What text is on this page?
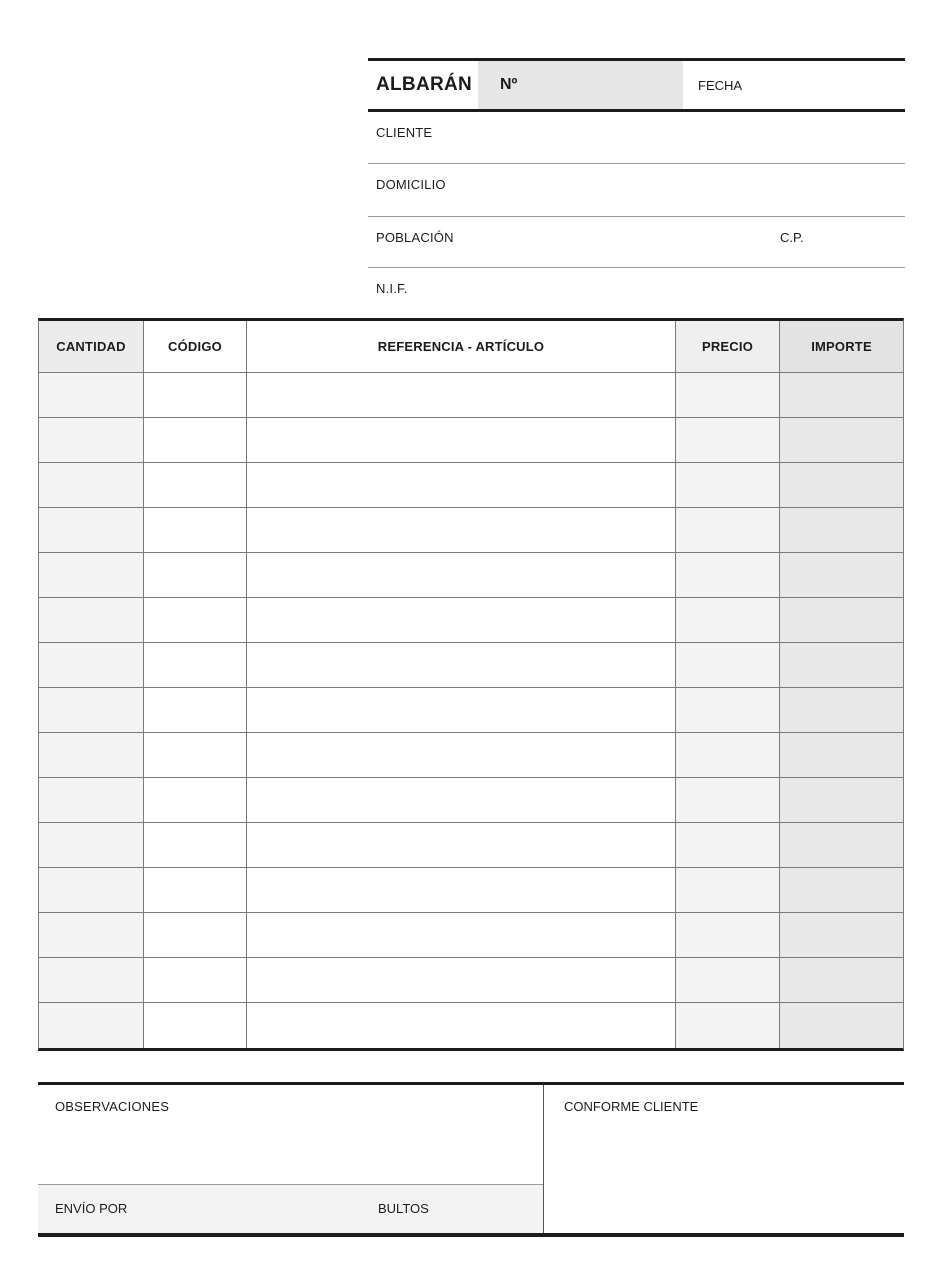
ALBARÁN Nº	FECHA
CLIENTE
DOMICILIO
POBLACIÓN	C.P.
N.I.F.
CANTIDAD	CÓDIGO	REFERENCIA - ARTÍCULO	PRECIO	IMPORTE
OBSERVACIONES
ENVÍO POR	BULTOS
CONFORME CLIENTE
